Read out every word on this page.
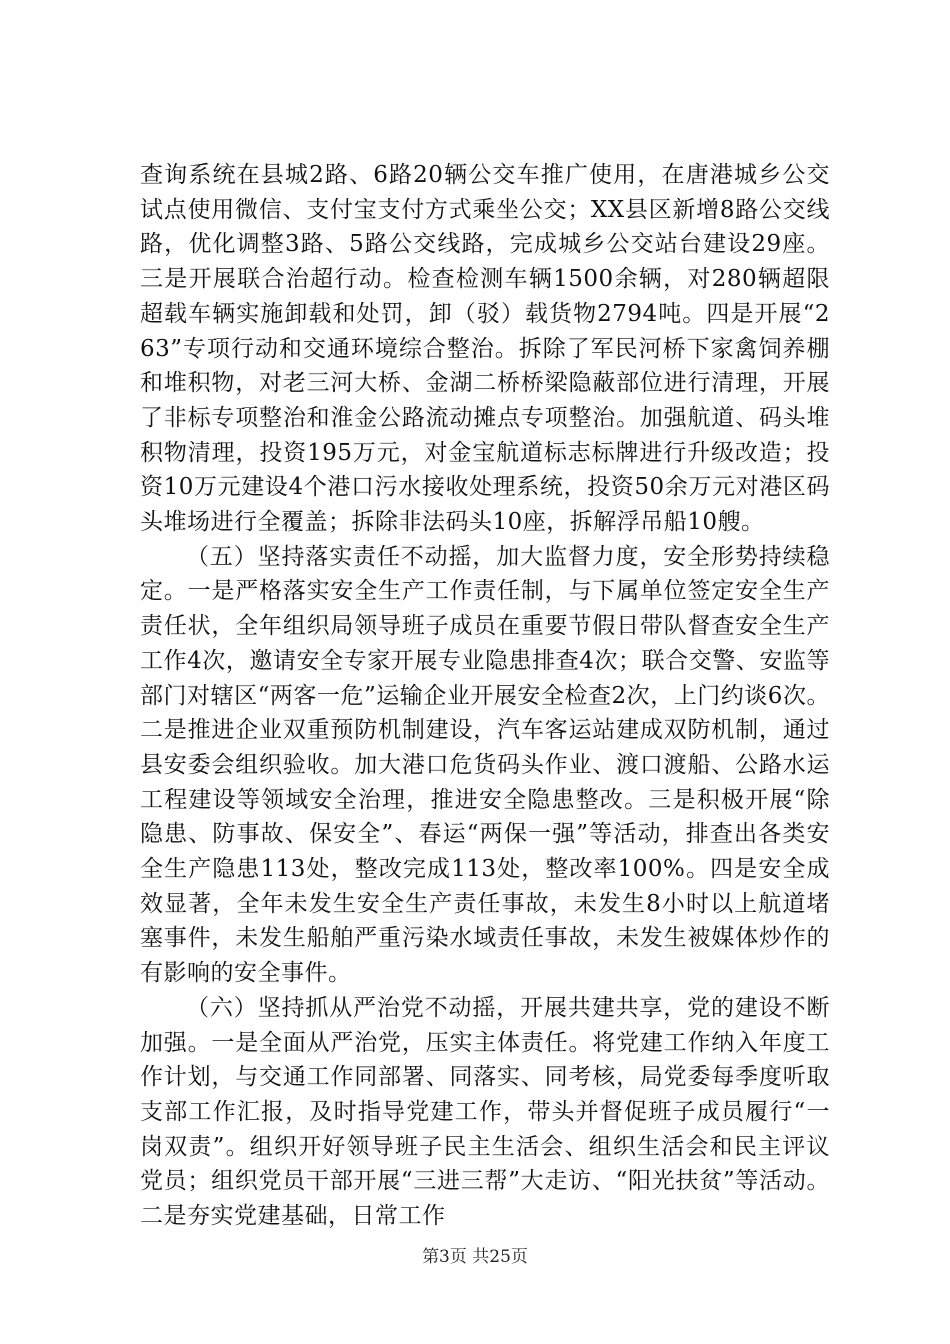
查询系统在县城2路、6路20辆公交车推广使用，在唐港城乡公交试点使用微信、支付宝支付方式乘坐公交；XX县区新增8路公交线路，优化调整3路、5路公交线路，完成城乡公交站台建设29座。三是开展联合治超行动。检查检测车辆1500余辆，对280辆超限超载车辆实施卸载和处罚，卸（驳）载货物2794吨。四是开展“263”专项行动和交通环境综合整治。拆除了军民河桥下家禽饲养棚和堆积物，对老三河大桥、金湖二桥桥梁隐蔽部位进行清理，开展了非标专项整治和淮金公路流动摊点专项整治。加强航道、码头堆积物清理，投资195万元，对金宝航道标志标牌进行升级改造；投资10万元建设4个港口污水接收处理系统，投资50余万元对港区码头堆场进行全覆盖；拆除非法码头10座，拆解浮吊船10艘。

（五）坚持落实责任不动摇，加大监督力度，安全形势持续稳定。一是严格落实安全生产工作责任制，与下属单位签定安全生产责任状，全年组织局领导班子成员在重要节假日带队督查安全生产工作4次，邀请安全专家开展专业隐患排查4次；联合交警、安监等部门对辖区“两客一危”运输企业开展安全检查2次，上门约谈6次。二是推进企业双重预防机制建设，汽车客运站建成双防机制，通过县安委会组织验收。加大港口危货码头作业、渡口渡船、公路水运工程建设等领域安全治理，推进安全隐患整改。三是积极开展“除隐患、防事故、保安全”、春运“两保一强”等活动，排查出各类安全生产隐患113处，整改完成113处，整改率100%。四是安全成效显著，全年未发生安全生产责任事故，未发生8小时以上航道堵塞事件，未发生船舶严重污染水域责任事故，未发生被媒体炒作的有影响的安全事件。

（六）坚持抓从严治党不动摇，开展共建共享，党的建设不断加强。一是全面从严治党，压实主体责任。将党建工作纳入年度工作计划，与交通工作同部署、同落实、同考核，局党委每季度听取支部工作汇报，及时指导党建工作，带头并督促班子成员履行“一岗双责”。组织开好领导班子民主生活会、组织生活会和民主评议党员；组织党员干部开展“三进三帮”大走访、“阳光扶贫”等活动。二是夯实党建基础，日常工作

第3页 共25页
